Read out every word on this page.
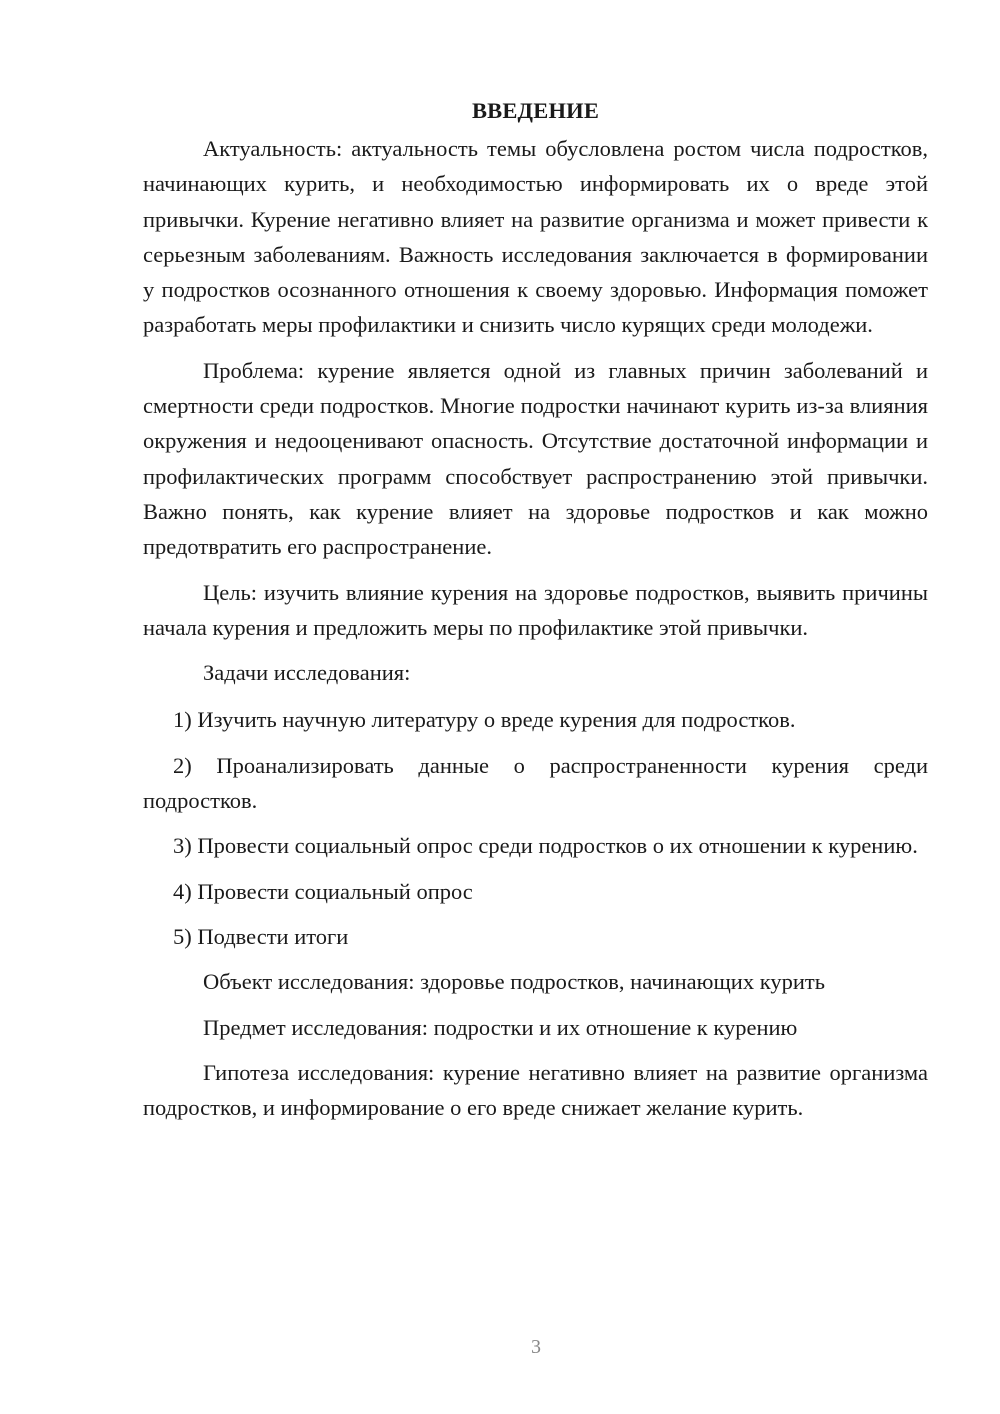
ВВЕДЕНИЕ

Актуальность: актуальность темы обусловлена ростом числа подростков, начинающих курить, и необходимостью информировать их о вреде этой привычки. Курение негативно влияет на развитие организма и может привести к серьезным заболеваниям. Важность исследования заключается в формировании у подростков осознанного отношения к своему здоровью. Информация поможет разработать меры профилактики и снизить число курящих среди молодежи.

Проблема: курение является одной из главных причин заболеваний и смертности среди подростков. Многие подростки начинают курить из-за влияния окружения и недооценивают опасность. Отсутствие достаточной информации и профилактических программ способствует распространению этой привычки. Важно понять, как курение влияет на здоровье подростков и как можно предотвратить его распространение.

Цель: изучить влияние курения на здоровье подростков, выявить причины начала курения и предложить меры по профилактике этой привычки.

Задачи исследования:

1) Изучить научную литературу о вреде курения для подростков.

2) Проанализировать данные о распространенности курения среди подростков.

3) Провести социальный опрос среди подростков о их отношении к курению.

4) Провести социальный опрос

5) Подвести итоги

Объект исследования: здоровье подростков, начинающих курить

Предмет исследования: подростки и их отношение к курению

Гипотеза исследования: курение негативно влияет на развитие организма подростков, и информирование о его вреде снижает желание курить.

3
